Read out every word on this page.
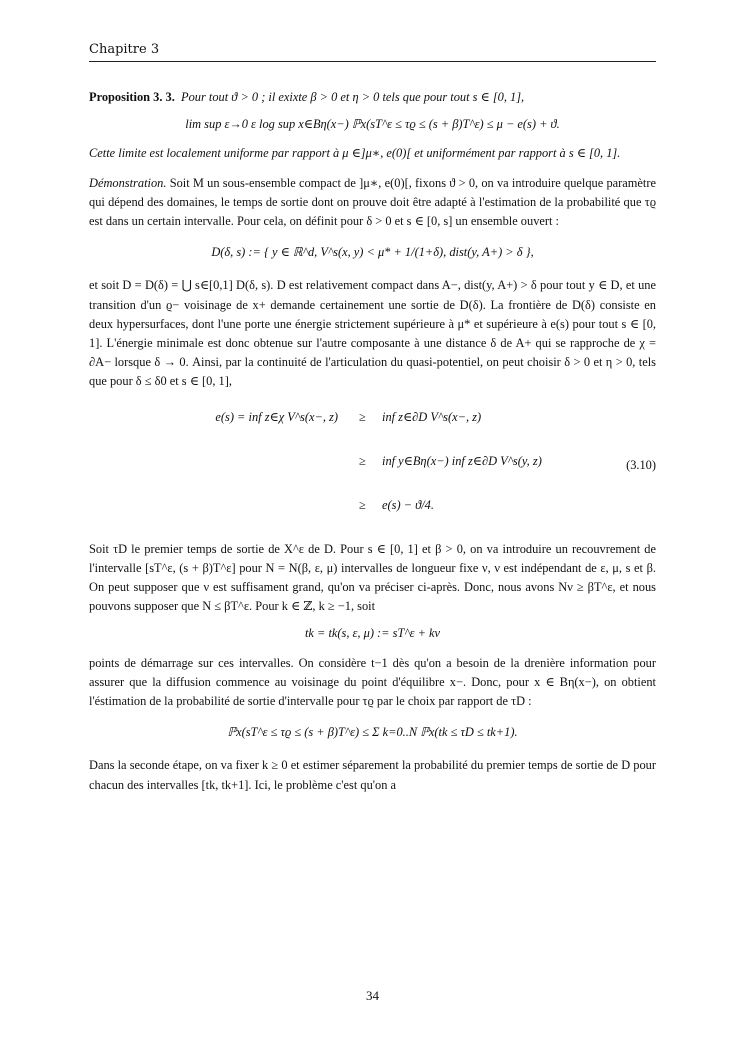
Chapitre 3

Proposition 3. 3. Pour tout ϑ > 0 ; il exixte β > 0 et η > 0 tels que pour tout s ∈ [0, 1],

lim sup ε→0 ε log sup x∈Bη(x−) ℙx(sT^ε ≤ τϱ ≤ (s + β)T^ε) ≤ μ − e(s) + ϑ.

Cette limite est localement uniforme par rapport à μ ∈]μ∗, e(0)[ et uniformément par rapport à s ∈ [0, 1].

Démonstration. Soit M un sous-ensemble compact de ]μ∗, e(0)[, fixons ϑ > 0, on va introduire quelque paramètre qui dépend des domaines, le temps de sortie dont on prouve doit être adapté à l'estimation de la probabilité que τϱ est dans un certain intervalle. Pour cela, on définit pour δ > 0 et s ∈ [0, s] un ensemble ouvert :

D(δ, s) := { y ∈ ℝ^d, V^s(x, y) < μ* + 1/(1+δ), dist(y, A+) > δ },

et soit D = D(δ) = ⋃ s∈[0,1] D(δ, s). D est relativement compact dans A−, dist(y, A+) > δ pour tout y ∈ D, et une transition d'un ϱ− voisinage de x+ demande certainement une sortie de D(δ). La frontière de D(δ) consiste en deux hypersurfaces, dont l'une porte une énergie strictement supérieure à μ* et supérieure à e(s) pour tout s ∈ [0, 1]. L'énergie minimale est donc obtenue sur l'autre composante à une distance δ de A+ qui se rapproche de χ = ∂A− lorsque δ → 0. Ainsi, par la continuité de l'articulation du quasi-potentiel, on peut choisir δ > 0 et η > 0, tels que pour δ ≤ δ0 et s ∈ [0, 1],

e(s) = inf z∈χ V^s(x−, z) ≥ inf z∈∂D V^s(x−, z)
≥ inf y∈Bη(x−) inf z∈∂D V^s(y, z)
≥ e(s) − ϑ/4.
(3.10)

Soit τD le premier temps de sortie de X^ε de D. Pour s ∈ [0, 1] et β > 0, on va introduire un recouvrement de l'intervalle [sT^ε, (s + β)T^ε] pour N = N(β, ε, μ) intervalles de longueur fixe ν, ν est indépendant de ε, μ, s et β. On peut supposer que ν est suffisament grand, qu'on va préciser ci-après. Donc, nous avons Nν ≥ βT^ε, et nous pouvons supposer que N ≤ βT^ε. Pour k ∈ ℤ, k ≥ −1, soit

tk = tk(s, ε, μ) := sT^ε + kν

points de démarrage sur ces intervalles. On considère t−1 dès qu'on a besoin de la drenière information pour assurer que la diffusion commence au voisinage du point d'équilibre x−. Donc, pour x ∈ Bη(x−), on obtient l'éstimation de la probabilité de sortie d'intervalle pour τϱ par le choix par rapport de τD :

ℙx(sT^ε ≤ τϱ ≤ (s + β)T^ε) ≤ Σ k=0..N ℙx(tk ≤ τD ≤ tk+1).

Dans la seconde étape, on va fixer k ≥ 0 et estimer séparement la probabilité du premier temps de sortie de D pour chacun des intervalles [tk, tk+1]. Ici, le problème c'est qu'on a

34
